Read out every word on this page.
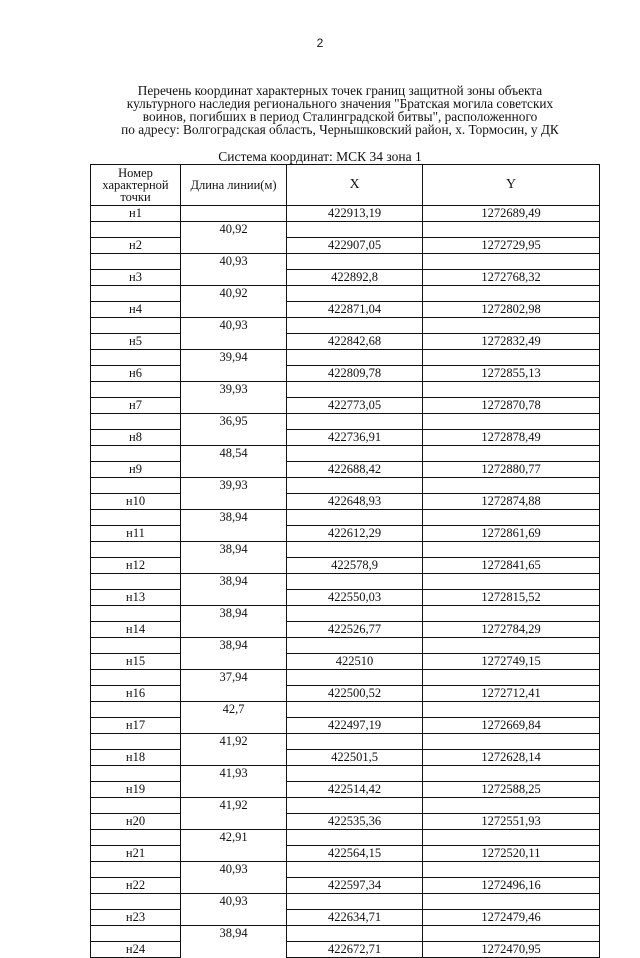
2
Перечень координат характерных точек границ защитной зоны объекта
культурного наследия регионального значения "Братская могила советских
воинов, погибших в период Сталинградской битвы", расположенного
по адресу: Волгоградская область, Чернышковский район, х. Тормосин, у ДК
Система координат: МСК 34 зона 1
Номер характерной точки	Длина линии(м)	X	Y
н1		422913,19	1272689,49
	40,92		
н2		422907,05	1272729,95
	40,93		
н3		422892,8	1272768,32
	40,92		
н4		422871,04	1272802,98
	40,93		
н5		422842,68	1272832,49
	39,94		
н6		422809,78	1272855,13
	39,93		
н7		422773,05	1272870,78
	36,95		
н8		422736,91	1272878,49
	48,54		
н9		422688,42	1272880,77
	39,93		
н10		422648,93	1272874,88
	38,94		
н11		422612,29	1272861,69
	38,94		
н12		422578,9	1272841,65
	38,94		
н13		422550,03	1272815,52
	38,94		
н14		422526,77	1272784,29
	38,94		
н15		422510	1272749,15
	37,94		
н16		422500,52	1272712,41
	42,7		
н17		422497,19	1272669,84
	41,92		
н18		422501,5	1272628,14
	41,93		
н19		422514,42	1272588,25
	41,92		
н20		422535,36	1272551,93
	42,91		
н21		422564,15	1272520,11
	40,93		
н22		422597,34	1272496,16
	40,93		
н23		422634,71	1272479,46
	38,94		
н24		422672,71	1272470,95
